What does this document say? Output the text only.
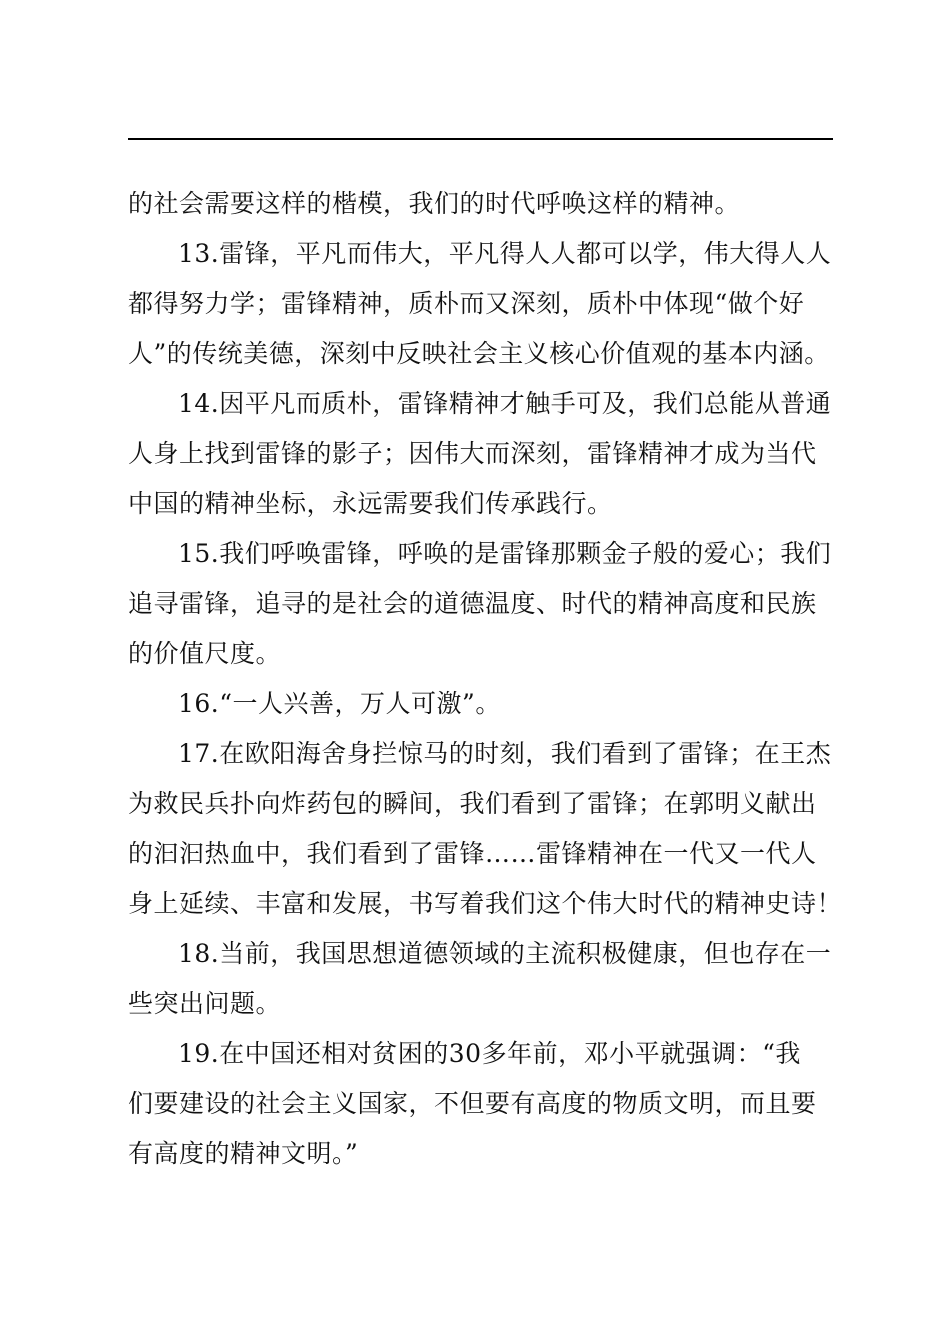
的社会需要这样的楷模，我们的时代呼唤这样的精神。
13.雷锋，平凡而伟大，平凡得人人都可以学，伟大得人人
都得努力学；雷锋精神，质朴而又深刻，质朴中体现“做个好
人”的传统美德，深刻中反映社会主义核心价值观的基本内涵。
14.因平凡而质朴，雷锋精神才触手可及，我们总能从普通
人身上找到雷锋的影子；因伟大而深刻，雷锋精神才成为当代
中国的精神坐标，永远需要我们传承践行。
15.我们呼唤雷锋，呼唤的是雷锋那颗金子般的爱心；我们
追寻雷锋，追寻的是社会的道德温度、时代的精神高度和民族
的价值尺度。
16.“一人兴善，万人可激”。
17.在欧阳海舍身拦惊马的时刻，我们看到了雷锋；在王杰
为救民兵扑向炸药包的瞬间，我们看到了雷锋；在郭明义献出
的汩汩热血中，我们看到了雷锋……雷锋精神在一代又一代人
身上延续、丰富和发展，书写着我们这个伟大时代的精神史诗！
18.当前，我国思想道德领域的主流积极健康，但也存在一
些突出问题。
19.在中国还相对贫困的30多年前，邓小平就强调：“我
们要建设的社会主义国家，不但要有高度的物质文明，而且要
有高度的精神文明。”
